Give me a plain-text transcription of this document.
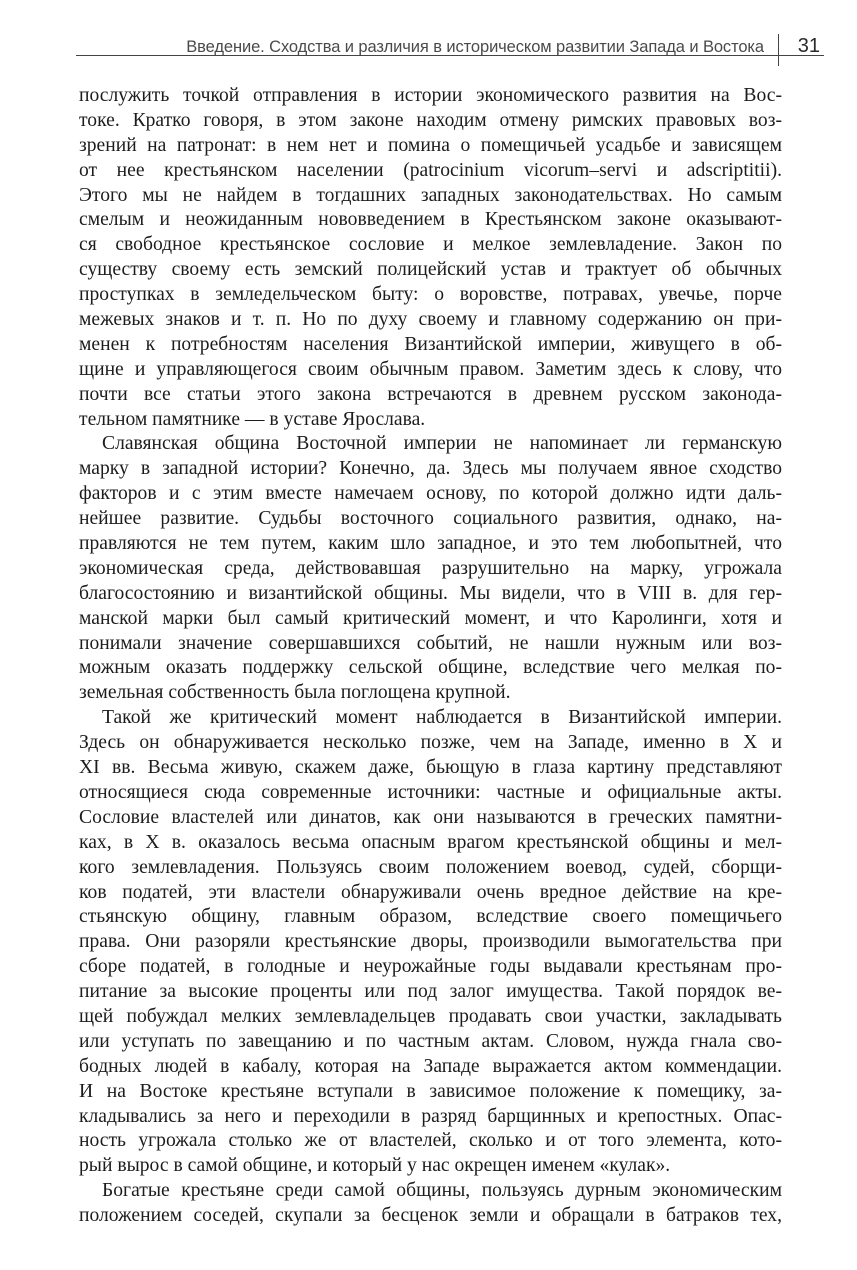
Введение. Сходства и различия в историческом развитии Запада и Востока 31
послужить точкой отправления в истории экономического развития на Вос-
токе. Кратко говоря, в этом законе находим отмену римских правовых воз-
зрений на патронат: в нем нет и помина о помещичьей усадьбе и зависящем
от нее крестьянском населении (patrocinium vicorum–servi и adscriptitii).
Этого мы не найдем в тогдашних западных законодательствах. Но самым
смелым и неожиданным нововведением в Крестьянском законе оказывают-
ся свободное крестьянское сословие и мелкое землевладение. Закон по
существу своему есть земский полицейский устав и трактует об обычных
проступках в земледельческом быту: о воровстве, потравах, увечье, порче
межевых знаков и т. п. Но по духу своему и главному содержанию он при-
менен к потребностям населения Византийской империи, живущего в об-
щине и управляющегося своим обычным правом. Заметим здесь к слову, что
почти все статьи этого закона встречаются в древнем русском законода-
тельном памятнике — в уставе Ярослава.
Славянская община Восточной империи не напоминает ли германскую
марку в западной истории? Конечно, да. Здесь мы получаем явное сходство
факторов и с этим вместе намечаем основу, по которой должно идти даль-
нейшее развитие. Судьбы восточного социального развития, однако, на-
правляются не тем путем, каким шло западное, и это тем любопытней, что
экономическая среда, действовавшая разрушительно на марку, угрожала
благосостоянию и византийской общины. Мы видели, что в VIII в. для гер-
манской марки был самый критический момент, и что Каролинги, хотя и
понимали значение совершавшихся событий, не нашли нужным или воз-
можным оказать поддержку сельской общине, вследствие чего мелкая по-
земельная собственность была поглощена крупной.
Такой же критический момент наблюдается в Византийской империи.
Здесь он обнаруживается несколько позже, чем на Западе, именно в X и
XI вв. Весьма живую, скажем даже, бьющую в глаза картину представляют
относящиеся сюда современные источники: частные и официальные акты.
Сословие властелей или динатов, как они называются в греческих памятни-
ках, в X в. оказалось весьма опасным врагом крестьянской общины и мел-
кого землевладения. Пользуясь своим положением воевод, судей, сборщи-
ков податей, эти властели обнаруживали очень вредное действие на кре-
стьянскую общину, главным образом, вследствие своего помещичьего
права. Они разоряли крестьянские дворы, производили вымогательства при
сборе податей, в голодные и неурожайные годы выдавали крестьянам про-
питание за высокие проценты или под залог имущества. Такой порядок ве-
щей побуждал мелких землевладельцев продавать свои участки, закладывать
или уступать по завещанию и по частным актам. Словом, нужда гнала сво-
бодных людей в кабалу, которая на Западе выражается актом коммендации.
И на Востоке крестьяне вступали в зависимое положение к помещику, за-
кладывались за него и переходили в разряд барщинных и крепостных. Опас-
ность угрожала столько же от властелей, сколько и от того элемента, кото-
рый вырос в самой общине, и который у нас окрещен именем «кулак».
Богатые крестьяне среди самой общины, пользуясь дурным экономическим
положением соседей, скупали за бесценок земли и обращали в батраков тех,
